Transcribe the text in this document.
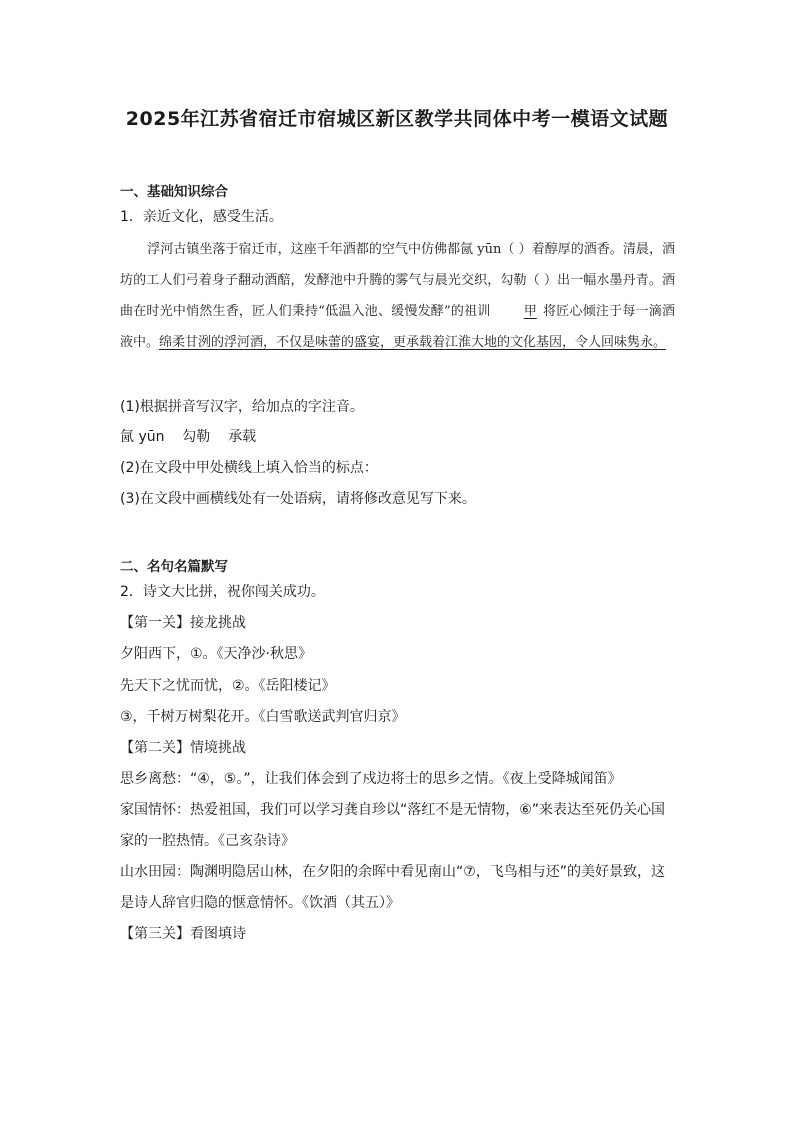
2025年江苏省宿迁市宿城区新区教学共同体中考一模语文试题
一、基础知识综合
1．亲近文化，感受生活。

浮河古镇坐落于宿迁市，这座千年酒都的空气中仿佛都氤 yūn（ ）着醇厚的酒香。清晨，酒坊的工人们弓着身子翻动酒醅，发酵池中升腾的雾气与晨光交织，勾勒（ ）出一幅水墨丹青。酒曲在时光中悄然生香，匠人们秉持“低温入池、缓慢发酵”的祖训	甲 将匠心倾注于每一滴酒液中。绵柔甘洌的浮河酒，不仅是味蕾的盛宴，更承载着江淮大地的文化基因，令人回味隽永。

(1)根据拼音写汉字，给加点的字注音。
氤 yūn    勾勒    承载
(2)在文段中甲处横线上填入恰当的标点：
(3)在文段中画横线处有一处语病，请将修改意见写下来。
二、名句名篇默写
2．诗文大比拼，祝你闯关成功。
【第一关】接龙挑战
夕阳西下，①。《天净沙·秋思》
先天下之忧而忧，②。《岳阳楼记》
③，千树万树梨花开。《白雪歌送武判官归京》
【第二关】情境挑战
思乡离愁：“④，⑤。”，让我们体会到了戍边将士的思乡之情。《夜上受降城闻笛》
家国情怀：热爱祖国，我们可以学习龚自珍以“落红不是无情物，⑥”来表达至死仍关心国
家的一腔热情。《己亥杂诗》
山水田园：陶渊明隐居山林，在夕阳的余晖中看见南山“⑦，飞鸟相与还”的美好景致，这
是诗人辞官归隐的惬意情怀。《饮酒（其五）》
【第三关】看图填诗
